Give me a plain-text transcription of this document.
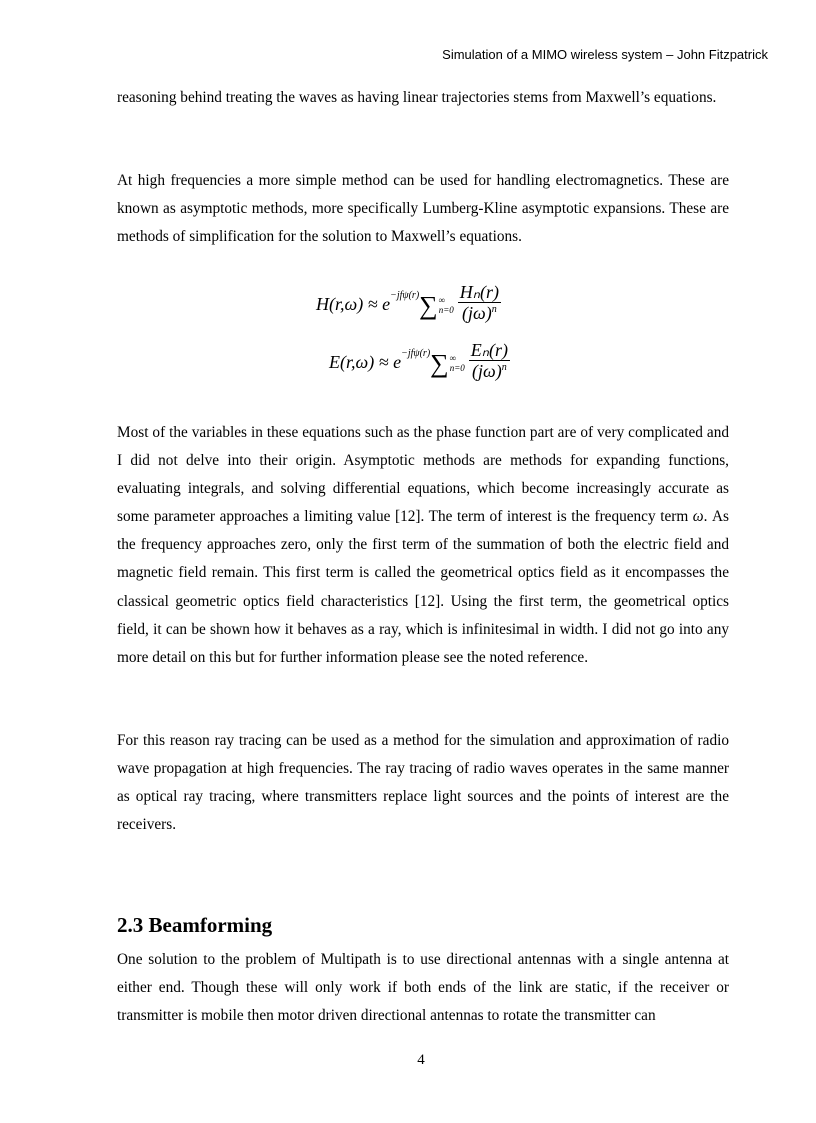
Simulation of a MIMO wireless system – John Fitzpatrick

reasoning behind treating the waves as having linear trajectories stems from Maxwell’s equations.

At high frequencies a more simple method can be used for handling electromagnetics. These are known as asymptotic methods, more specifically Lumberg-Kline asymptotic expansions. These are methods of simplification for the solution to Maxwell’s equations.

H(r,ω) ≈ e −jfψ(r) ∑ ∞
$n=0 \frac{\text{Hₙ(r)}}{(j\omega)^n}$
E(r,ω) ≈ e −jfψ(r) ∑ ∞
$n=0 \frac{\text{Eₙ(r)}}{(j\omega)^n}$

Most of the variables in these equations such as the phase function part are of very complicated and I did not delve into their origin. Asymptotic methods are methods for expanding functions, evaluating integrals, and solving differential equations, which become increasingly accurate as some parameter approaches a limiting value [12]. The term of interest is the frequency term ω. As the frequency approaches zero, only the first term of the summation of both the electric field and magnetic field remain. This first term is called the geometrical optics field as it encompasses the classical geometric optics field characteristics [12]. Using the first term, the geometrical optics field, it can be shown how it behaves as a ray, which is infinitesimal in width. I did not go into any more detail on this but for further information please see the noted reference.

For this reason ray tracing can be used as a method for the simulation and approximation of radio wave propagation at high frequencies. The ray tracing of radio waves operates in the same manner as optical ray tracing, where transmitters replace light sources and the points of interest are the receivers.

2.3 Beamforming

One solution to the problem of Multipath is to use directional antennas with a single antenna at either end. Though these will only work if both ends of the link are static, if the receiver or transmitter is mobile then motor driven directional antennas to rotate the transmitter can

4
